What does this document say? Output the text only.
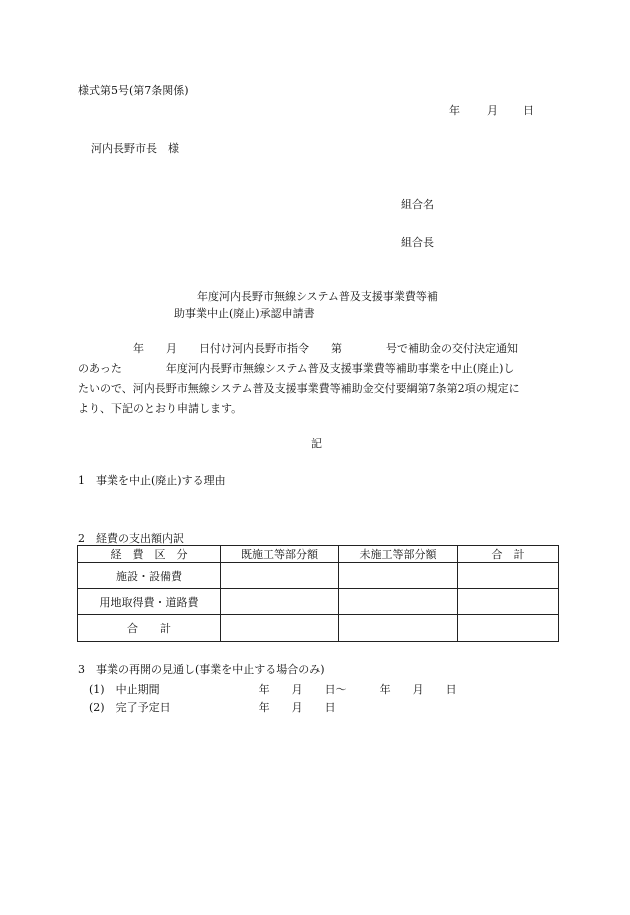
様式第5号(第7条関係)
年 月 日
河内長野市長　様
組合名
組合長
年度河内長野市無線システム普及支援事業費等補
助事業中止(廃止)承認申請書
　　　　　年　　月　　日付け河内長野市指令　　第　　　　号で補助金の交付決定通知
のあった　　　　年度河内長野市無線システム普及支援事業費等補助事業を中止(廃止)し
たいので、河内長野市無線システム普及支援事業費等補助金交付要綱第7条第2項の規定に
より、下記のとおり申請します。
記
1　事業を中止(廃止)する理由
2　経費の支出額内訳
経　費　区　分	既施工等部分額	未施工等部分額	合　計
施設・設備費			
用地取得費・道路費			
合　　計			
3　事業の再開の見通し(事業を中止する場合のみ)
(1)　中止期間　　　　　　　　　年　　月　　日～　　　年　　月　　日
(2)　完了予定日　　　　　　　　年　　月　　日
